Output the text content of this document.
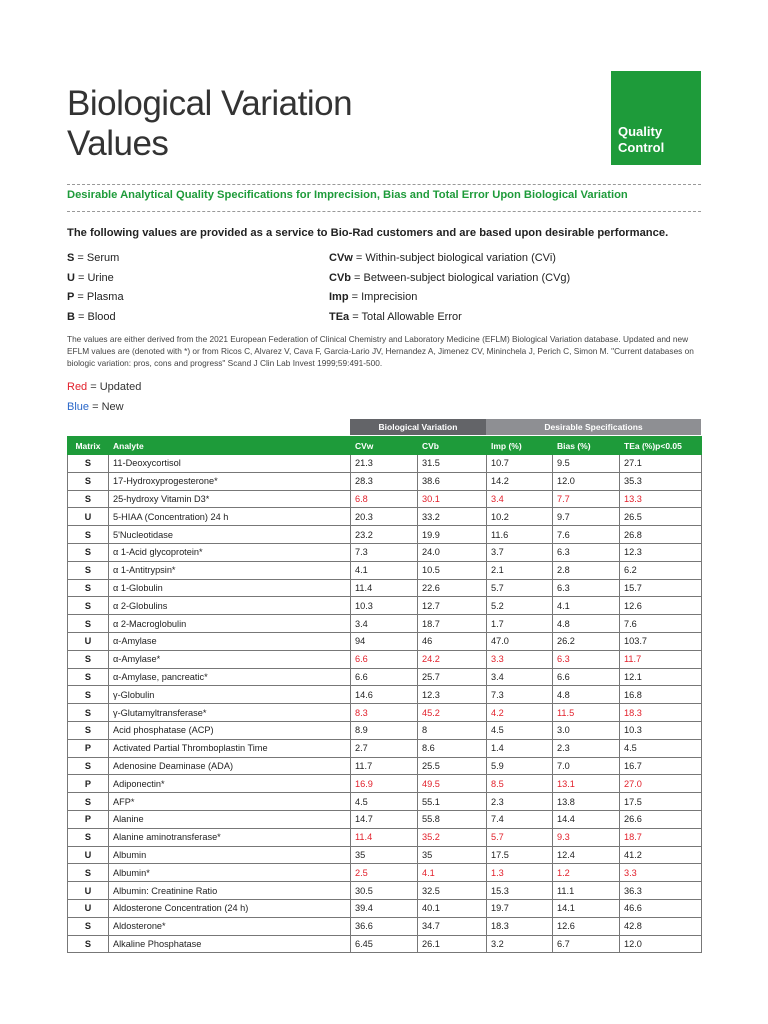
Biological Variation
Values	Quality
Control
Desirable Analytical Quality Specifications for Imprecision, Bias and Total Error Upon Biological Variation
The following values are provided as a service to Bio-Rad customers and are based upon desirable performance.
S = Serum
U = Urine
P = Plasma
B = Blood
CVw = Within-subject biological variation (CVi)
CVb = Between-subject biological variation (CVg)
Imp = Imprecision
TEa = Total Allowable Error
The values are either derived from the 2021 European Federation of Clinical Chemistry and Laboratory Medicine (EFLM) Biological Variation database. Updated and new EFLM values are (denoted with *) or from Ricos C, Alvarez V, Cava F, Garcia-Lario JV, Hernandez A, Jimenez CV, Mininchela J, Perich C, Simon M. "Current databases on biologic variation: pros, cons and progress" Scand J Clin Lab Invest 1999;59:491-500.
Red = Updated
Blue = New
Biological Variation	Desirable Specifications
Matrix	Analyte	CVw	CVb	Imp (%)	Bias (%)	TEa (%)p<0.05
S	11-Deoxycortisol	21.3	31.5	10.7	9.5	27.1
S	17-Hydroxyprogesterone*	28.3	38.6	14.2	12.0	35.3
S	25-hydroxy Vitamin D3*	6.8	30.1	3.4	7.7	13.3
U	5-HIAA (Concentration) 24 h	20.3	33.2	10.2	9.7	26.5
S	5'Nucleotidase	23.2	19.9	11.6	7.6	26.8
S	α 1-Acid glycoprotein*	7.3	24.0	3.7	6.3	12.3
S	α 1-Antitrypsin*	4.1	10.5	2.1	2.8	6.2
S	α 1-Globulin	11.4	22.6	5.7	6.3	15.7
S	α 2-Globulins	10.3	12.7	5.2	4.1	12.6
S	α 2-Macroglobulin	3.4	18.7	1.7	4.8	7.6
U	α-Amylase	94	46	47.0	26.2	103.7
S	α-Amylase*	6.6	24.2	3.3	6.3	11.7
S	α-Amylase, pancreatic*	6.6	25.7	3.4	6.6	12.1
S	γ-Globulin	14.6	12.3	7.3	4.8	16.8
S	γ-Glutamyltransferase*	8.3	45.2	4.2	11.5	18.3
S	Acid phosphatase (ACP)	8.9	8	4.5	3.0	10.3
P	Activated Partial Thromboplastin Time	2.7	8.6	1.4	2.3	4.5
S	Adenosine Deaminase (ADA)	11.7	25.5	5.9	7.0	16.7
P	Adiponectin*	16.9	49.5	8.5	13.1	27.0
S	AFP*	4.5	55.1	2.3	13.8	17.5
P	Alanine	14.7	55.8	7.4	14.4	26.6
S	Alanine aminotransferase*	11.4	35.2	5.7	9.3	18.7
U	Albumin	35	35	17.5	12.4	41.2
S	Albumin*	2.5	4.1	1.3	1.2	3.3
U	Albumin: Creatinine Ratio	30.5	32.5	15.3	11.1	36.3
U	Aldosterone Concentration (24 h)	39.4	40.1	19.7	14.1	46.6
S	Aldosterone*	36.6	34.7	18.3	12.6	42.8
S	Alkaline Phosphatase	6.45	26.1	3.2	6.7	12.0
